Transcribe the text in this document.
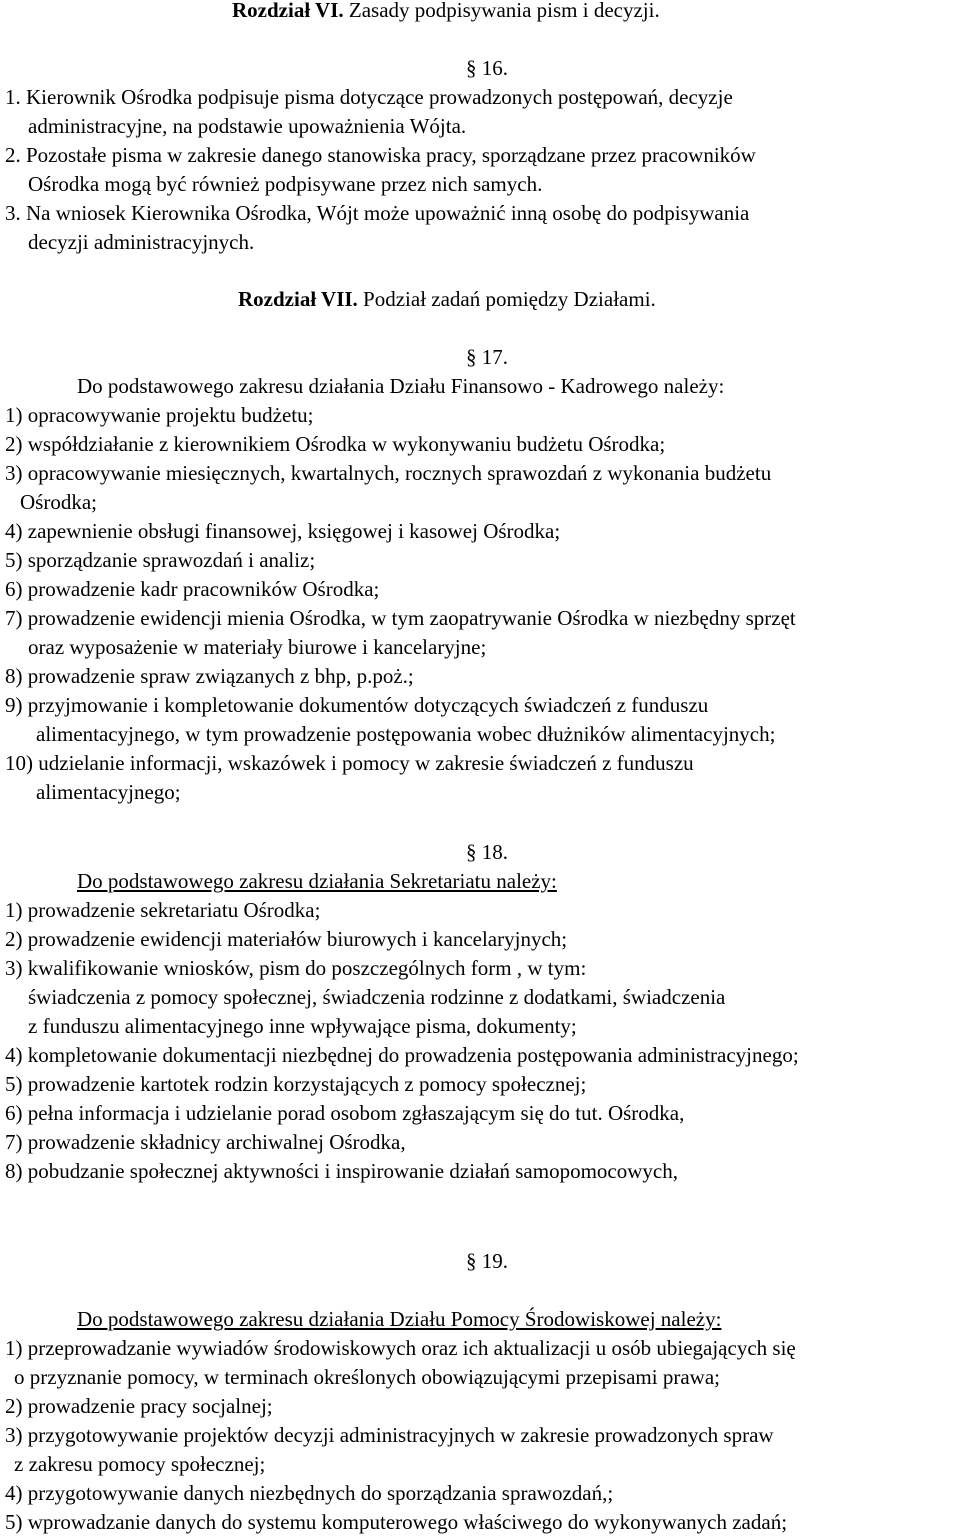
Rozdział VI. Zasady podpisywania pism i decyzji.
§ 16.
1. Kierownik Ośrodka podpisuje pisma dotyczące prowadzonych postępowań, decyzje
administracyjne, na podstawie upoważnienia Wójta.
2. Pozostałe pisma w zakresie danego stanowiska pracy, sporządzane przez pracowników
Ośrodka mogą być również podpisywane przez nich samych.
3. Na wniosek Kierownika Ośrodka, Wójt może upoważnić inną osobę do podpisywania
decyzji administracyjnych.
Rozdział VII. Podział zadań pomiędzy Działami.
§ 17.
Do podstawowego zakresu działania Działu Finansowo - Kadrowego należy:
1) opracowywanie projektu budżetu;
2) współdziałanie z kierownikiem Ośrodka w wykonywaniu budżetu Ośrodka;
3) opracowywanie miesięcznych, kwartalnych, rocznych sprawozdań z wykonania budżetu
Ośrodka;
4) zapewnienie obsługi finansowej, księgowej i kasowej Ośrodka;
5) sporządzanie sprawozdań i analiz;
6) prowadzenie kadr pracowników Ośrodka;
7) prowadzenie ewidencji mienia Ośrodka, w tym zaopatrywanie Ośrodka w niezbędny sprzęt
oraz wyposażenie w materiały biurowe i kancelaryjne;
8) prowadzenie spraw związanych z bhp, p.poż.;
9) przyjmowanie i kompletowanie dokumentów dotyczących świadczeń z funduszu
alimentacyjnego, w tym prowadzenie postępowania wobec dłużników alimentacyjnych;
10) udzielanie informacji, wskazówek i pomocy w zakresie świadczeń z funduszu
alimentacyjnego;
§ 18.
Do podstawowego zakresu działania Sekretariatu należy:
1) prowadzenie sekretariatu Ośrodka;
2) prowadzenie ewidencji materiałów biurowych i kancelaryjnych;
3) kwalifikowanie wniosków, pism do poszczególnych form , w tym:
świadczenia z pomocy społecznej, świadczenia rodzinne z dodatkami, świadczenia
z funduszu alimentacyjnego inne wpływające pisma, dokumenty;
4) kompletowanie dokumentacji niezbędnej do prowadzenia postępowania administracyjnego;
5) prowadzenie kartotek rodzin korzystających z pomocy społecznej;
6) pełna informacja i udzielanie porad osobom zgłaszającym się do tut. Ośrodka,
7) prowadzenie składnicy archiwalnej Ośrodka,
8) pobudzanie społecznej aktywności i inspirowanie działań samopomocowych,
§ 19.
Do podstawowego zakresu działania Działu Pomocy Środowiskowej należy:
1) przeprowadzanie wywiadów środowiskowych oraz ich aktualizacji u osób ubiegających się
o przyznanie pomocy, w terminach określonych obowiązującymi przepisami prawa;
2) prowadzenie pracy socjalnej;
3) przygotowywanie projektów decyzji administracyjnych w zakresie prowadzonych spraw
z zakresu pomocy społecznej;
4) przygotowywanie danych niezbędnych do sporządzania sprawozdań,;
5) wprowadzanie danych do systemu komputerowego właściwego do wykonywanych zadań;
